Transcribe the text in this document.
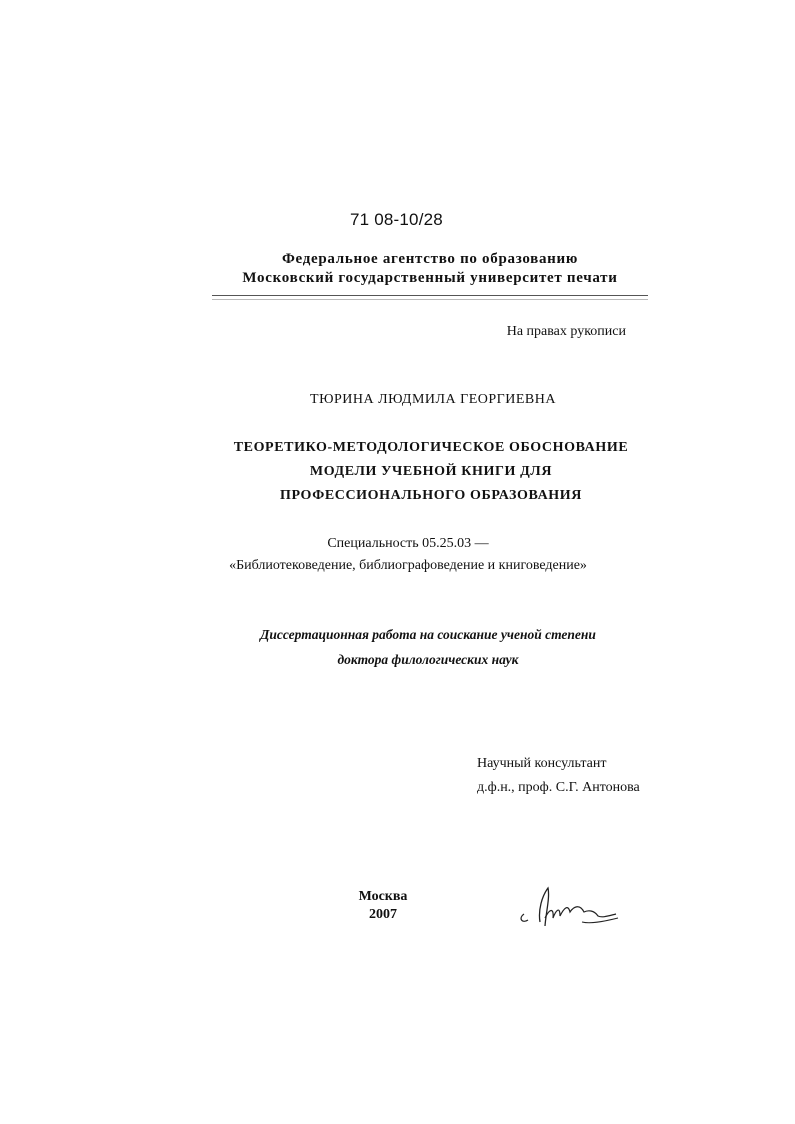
71 08-10/28
Федеральное агентство по образованию
Московский государственный университет печати
На правах рукописи
ТЮРИНА ЛЮДМИЛА ГЕОРГИЕВНА
ТЕОРЕТИКО-МЕТОДОЛОГИЧЕСКОЕ ОБОСНОВАНИЕ
МОДЕЛИ УЧЕБНОЙ КНИГИ ДЛЯ
ПРОФЕССИОНАЛЬНОГО ОБРАЗОВАНИЯ
Специальность 05.25.03 —
«Библиотековедение, библиографоведение и книговедение»
Диссертационная работа на соискание ученой степени
доктора филологических наук
Научный консультант
д.ф.н., проф. С.Г. Антонова
Москва
2007
